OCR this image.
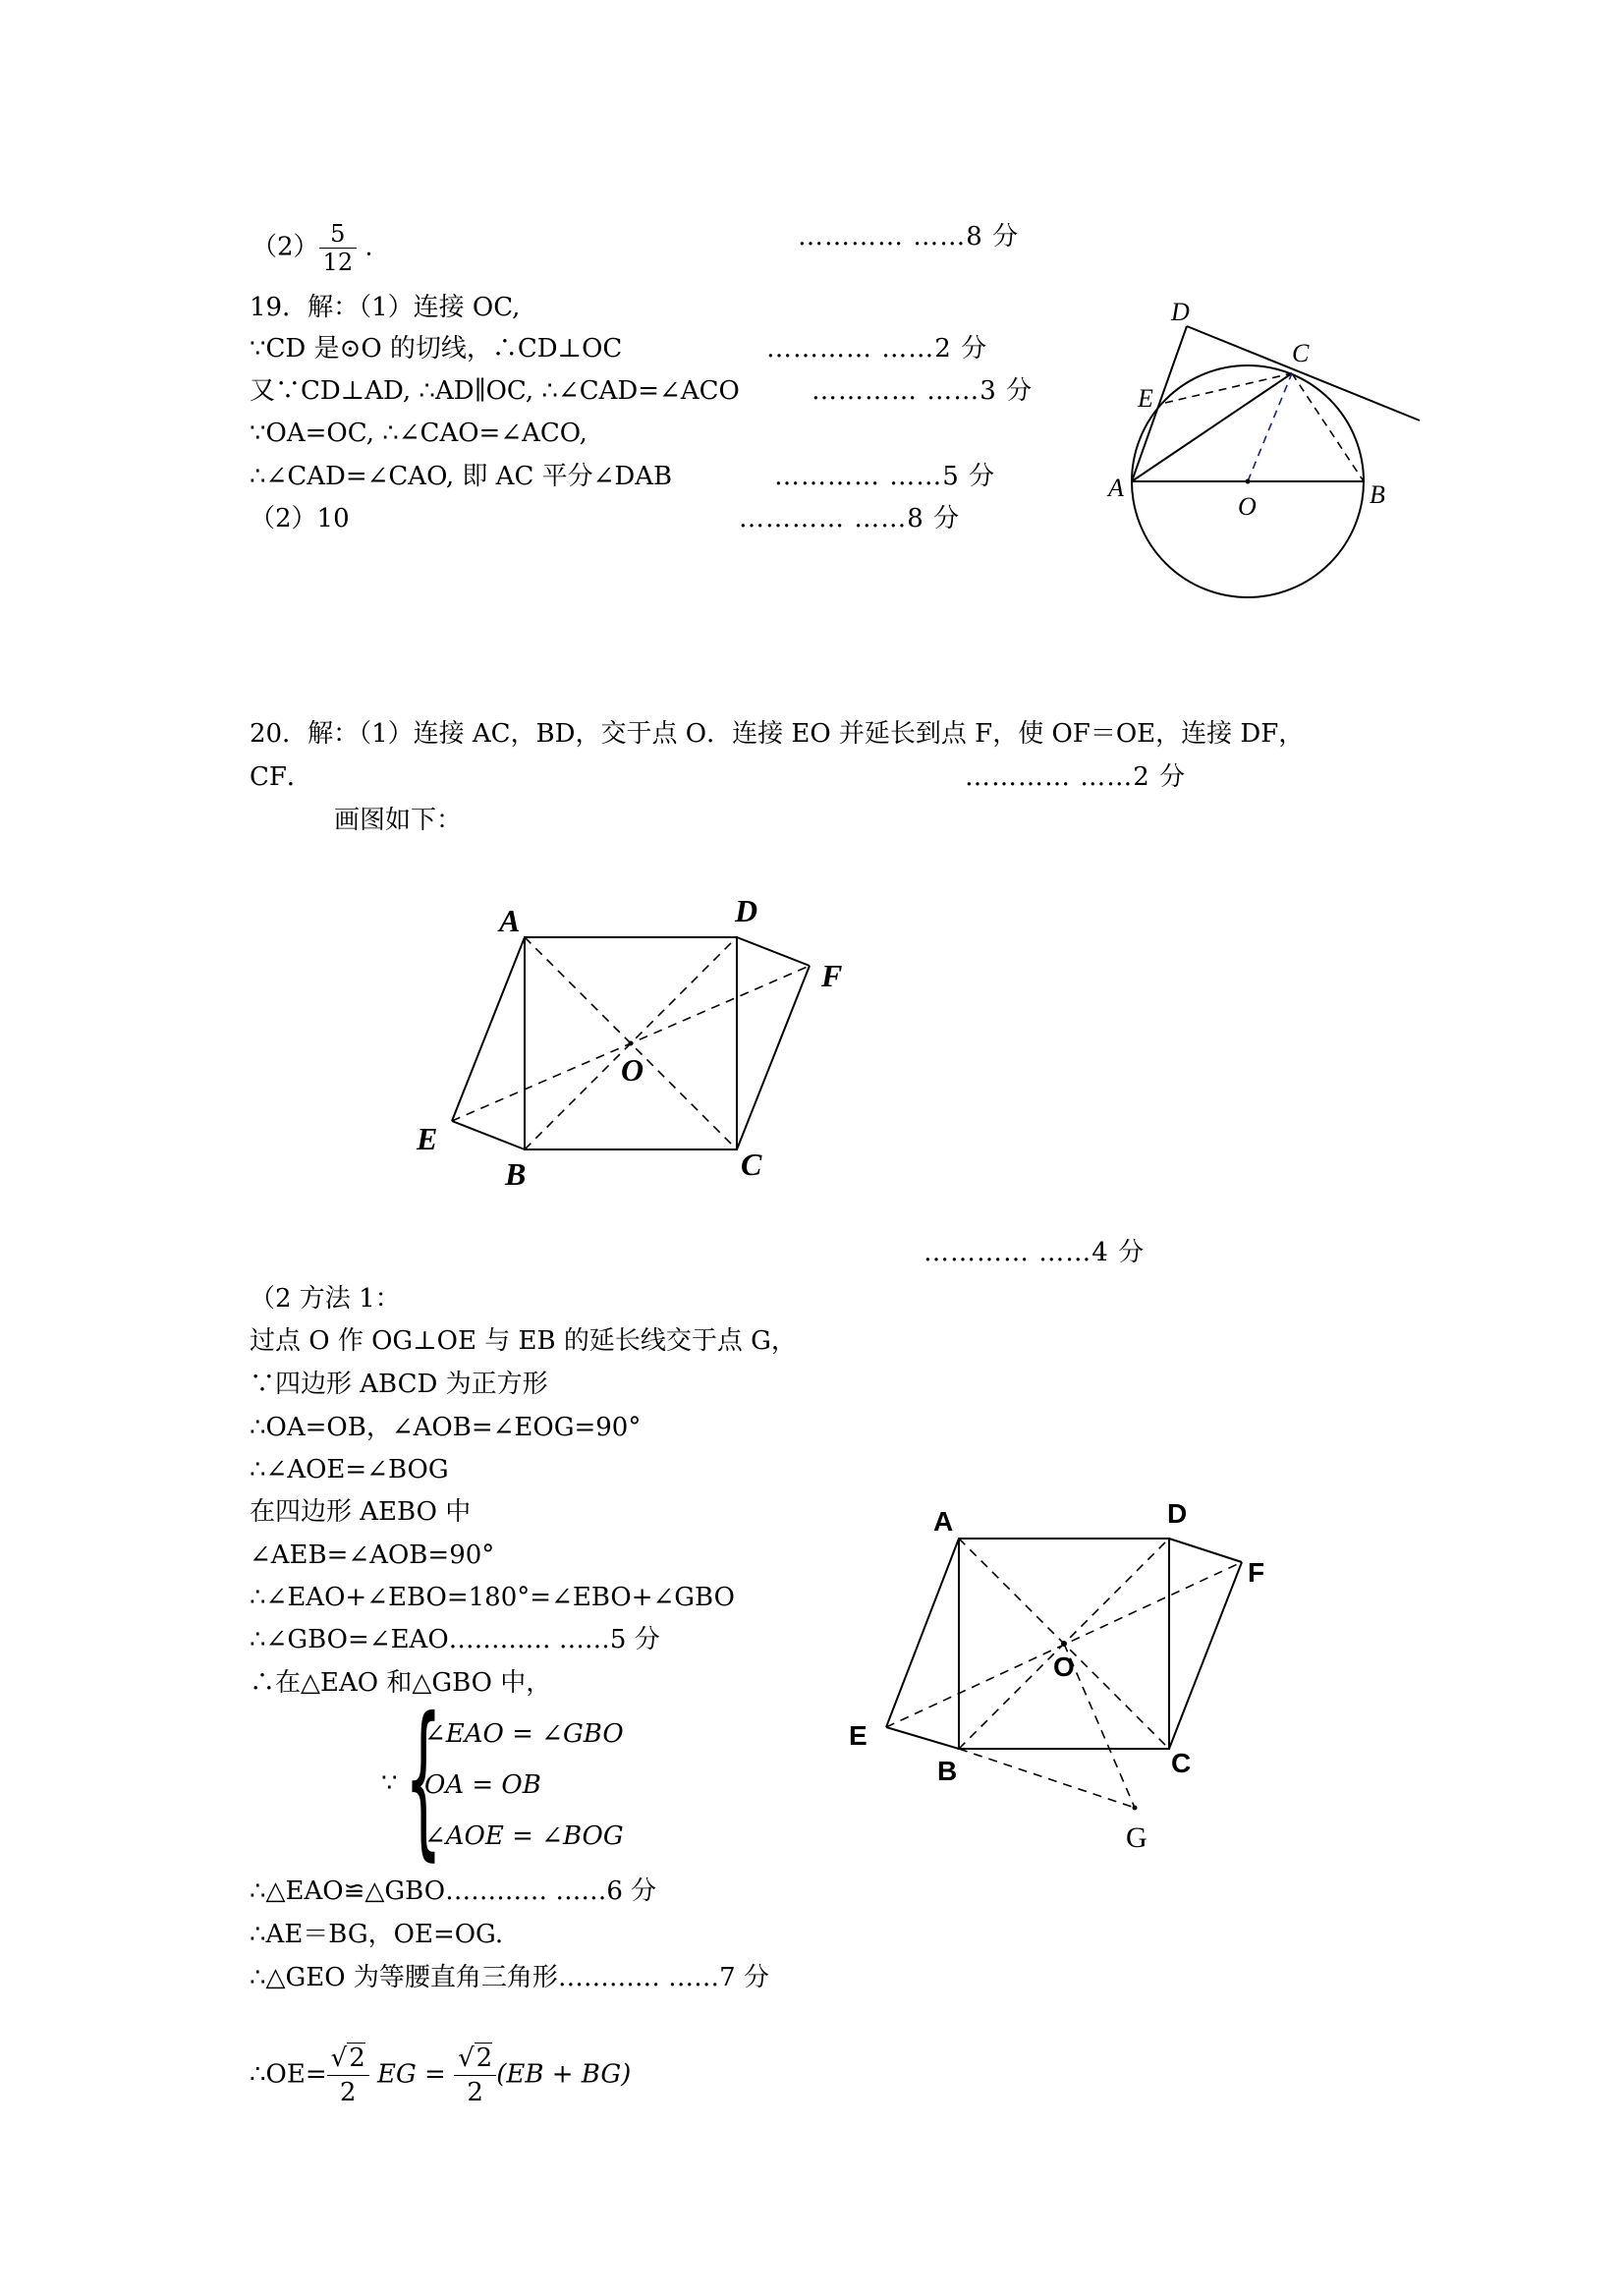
$(2) \frac{5}{12}$ .	………… ……8 分
19．解：（1）连接 OC,
∵CD 是⊙O 的切线，∴CD⊥OC	………… ……2 分
又∵CD⊥AD, ∴AD∥OC, ∴∠CAD=∠ACO	………… ……3 分
∵OA=OC, ∴∠CAO=∠ACO,
∴∠CAD=∠CAO, 即 AC 平分∠DAB	………… ……5 分
（2）10	………… ……8 分
D
C
E
A
O	B
20．解：（1）连接 AC，BD，交于点 O．连接 EO 并延长到点 F，使 OF＝OE，连接 DF，
CF．	………… ……2 分
画图如下：
A	D
F
O
E
B	C
………… ……4 分
（2 方法 1：
过点 O 作 OG⊥OE 与 EB 的延长线交于点 G，
∵四边形 ABCD 为正方形
∴OA=OB，∠AOB=∠EOG=90°
∴∠AOE=∠BOG
在四边形 AEBO 中
∠AEB=∠AOB=90°
∴∠EAO+∠EBO=180°=∠EBO+∠GBO
∴∠GBO=∠EAO………… ……5 分
∴在△EAO 和△GBO 中，
∵ {
∠EAO = ∠GBO
OA = OB
∠AOE = ∠BOG
∴△EAO≌△GBO………… ……6 分
∴AE＝BG，OE=OG.
∴△GEO 为等腰直角三角形………… ……7 分
∴OE= $\frac{√2}{2}$ EG = $\frac{√2}{2} (EB + BG)$
A	D
F
O
E
B	C
G
